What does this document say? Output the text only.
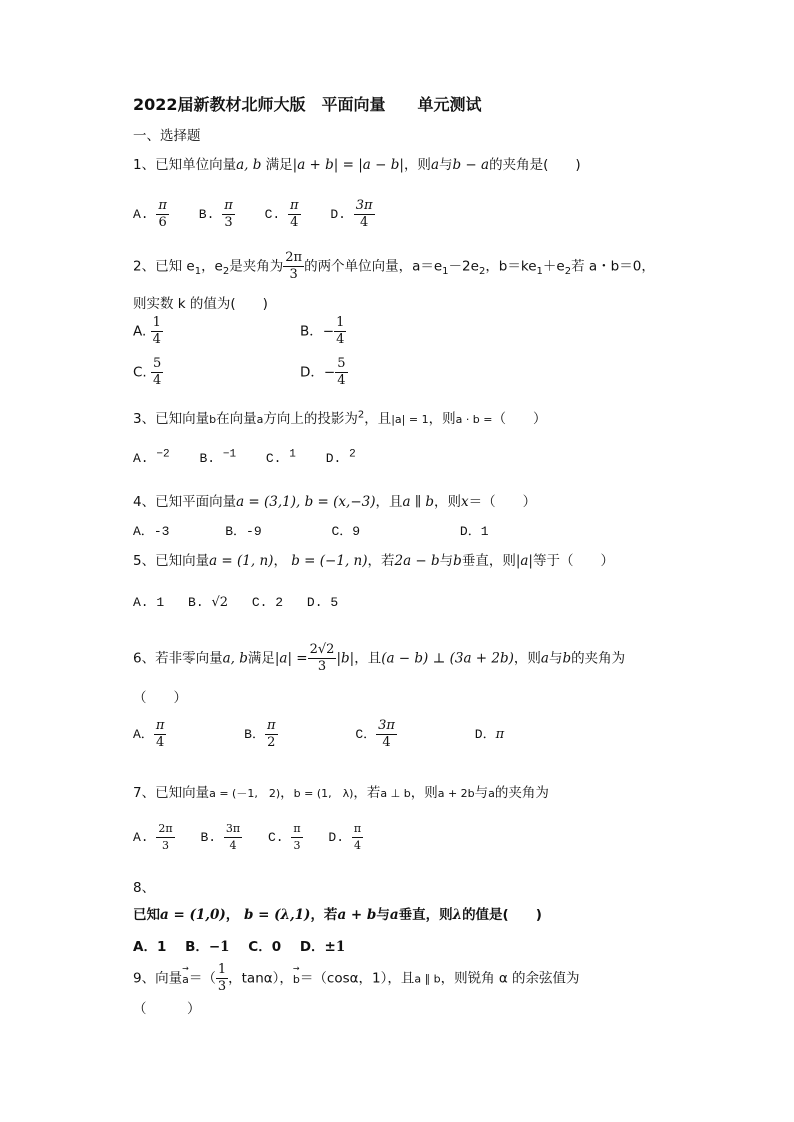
2022届新教材北师大版　平面向量　　单元测试
一、选择题
1、已知单位向量a, b 满足|a + b| = |a − b|，则a与b − a的夹角是(　　)
A. $\frac{\pi}{6} B$. $\frac{\pi}{3} C$. $\frac{\pi}{4} D$. $\frac{3\pi}{4}$
2、已知 $e_1$，$e_2$是夹角为 $\frac{2\pi}{3}$ 的两个单位向量，$a=e_1-2e_2$，$b=ke_1+e_2$若 a・b＝0，
则实数 k 的值为(　　)
A. $\frac{1}{4}$	B．− $\frac{1}{4}$
C. $\frac{5}{4}$	D．− $\frac{5}{4}$
3、已知向量b在向量a方向上的投影为$^2$，且|a| = 1，则a · b =（　　）
A. $^{-2}$ B. $^{-1}$ C. $^1$ D. $^2$
4、已知平面向量a = (3,1), b = (x,−3)，且a ∥ b，则x＝（　　）
A．-3	B．-9	C．9	D．1
5、已知向量a = (1, n)， b = (−1, n)，若2a − b与b垂直，则|a|等于（　　）
A. 1 B. √2 C. 2 D. 5
6、若非零向量a, b满足$|a| = \frac{2√2}{3} |b|$，且(a − b) ⊥ (3a + 2b)，则a与b的夹角为
（　　）
A． $\frac{\pi}{4}$	B． $\frac{\pi}{2}$	C． $\frac{3\pi}{4}$	D．π
7、已知向量a = (－1,　2)，b = (1,　λ)，若a ⊥ b，则a + 2b与a的夹角为
A. $\frac{2\pi}{3} B$. $\frac{3\pi}{4} C$. $\frac{\pi}{3} D$. $\frac{\pi}{4}$
8、
已知a = (1,0)， b = (λ,1)，若a + b与a垂直，则λ的值是(　　)
A．1 B．−1 C．0 D．±1
9、向量→ $a=( \frac{1}{3}$ ，tanα），→ b＝（cosα，1），且a ∥ b，则锐角 α 的余弦值为
（　　　）
